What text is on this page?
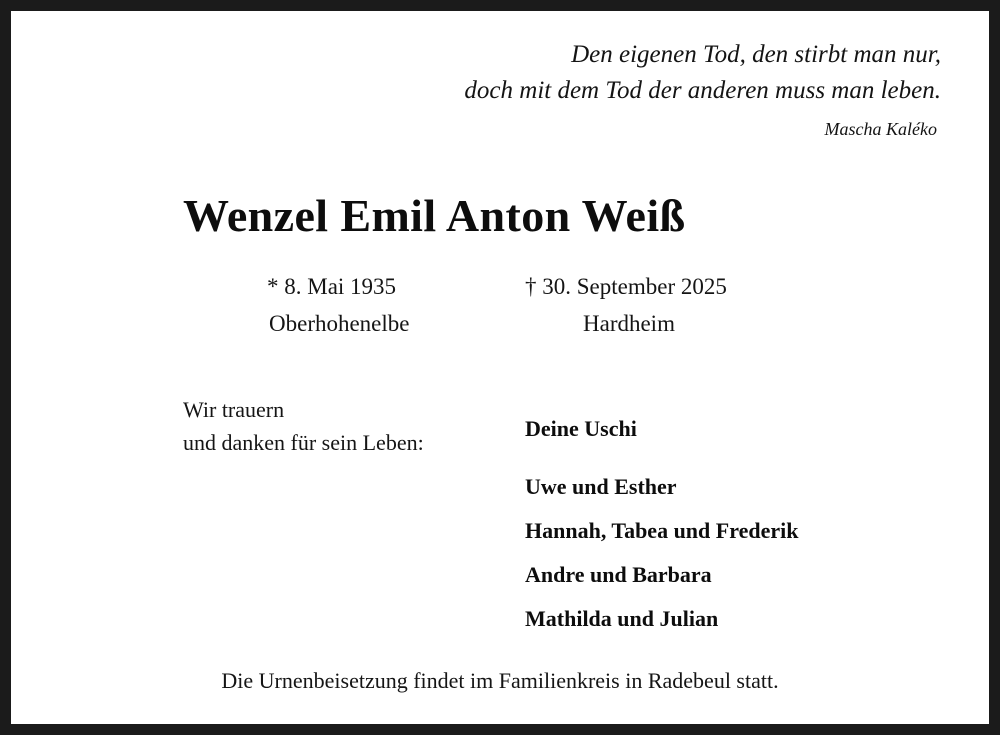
Den eigenen Tod, den stirbt man nur,
doch mit dem Tod der anderen muss man leben.
Mascha Kaléko
Wenzel Emil Anton Weiß
* 8. Mai 1935
Oberhohenelbe
† 30. September 2025
Hardheim
Wir trauern
und danken für sein Leben:
Deine Uschi
Uwe und Esther
Hannah, Tabea und Frederik
Andre und Barbara
Mathilda und Julian
Die Urnenbeisetzung findet im Familienkreis in Radebeul statt.
